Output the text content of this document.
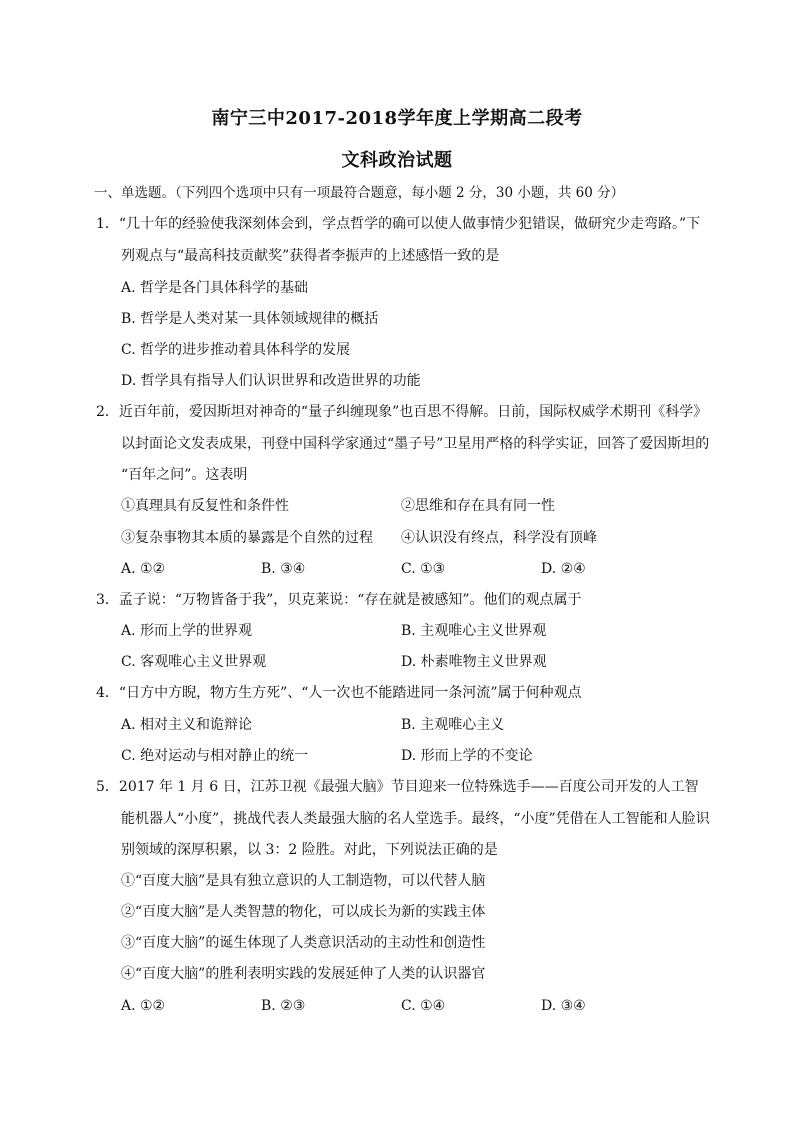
南宁三中2017-2018学年度上学期高二段考
文科政治试题
一、单选题。（下列四个选项中只有一项最符合题意，每小题 2 分，30 小题，共 60 分）
1．“几十年的经验使我深刻体会到，学点哲学的确可以使人做事情少犯错误，做研究少走弯路。”下
列观点与“最高科技贡献奖”获得者李振声的上述感悟一致的是
A. 哲学是各门具体科学的基础
B. 哲学是人类对某一具体领域规律的概括
C. 哲学的进步推动着具体科学的发展
D. 哲学具有指导人们认识世界和改造世界的功能
2．近百年前，爱因斯坦对神奇的“量子纠缠现象”也百思不得解。日前，国际权威学术期刊《科学》
以封面论文发表成果，刊登中国科学家通过“墨子号”卫星用严格的科学实证，回答了爱因斯坦的
“百年之问”。这表明
①真理具有反复性和条件性	②思维和存在具有同一性
③复杂事物其本质的暴露是个自然的过程 ④认识没有终点，科学没有顶峰
A. ①②	B. ③④	C. ①③	D. ②④
3．孟子说：“万物皆备于我”，贝克莱说：“存在就是被感知”。他们的观点属于
A. 形而上学的世界观	B. 主观唯心主义世界观
C. 客观唯心主义世界观	D. 朴素唯物主义世界观
4．“日方中方睨，物方生方死”、“人一次也不能踏进同一条河流”属于何种观点
A. 相对主义和诡辩论	B. 主观唯心主义
C. 绝对运动与相对静止的统一	D. 形而上学的不变论
5．2017 年 1 月 6 日，江苏卫视《最强大脑》节目迎来一位特殊选手——百度公司开发的人工智
能机器人“小度”，挑战代表人类最强大脑的名人堂选手。最终，“小度”凭借在人工智能和人脸识
别领域的深厚积累，以 3：2 险胜。对此，下列说法正确的是
①“百度大脑”是具有独立意识的人工制造物，可以代替人脑
②“百度大脑”是人类智慧的物化，可以成长为新的实践主体
③“百度大脑”的诞生体现了人类意识活动的主动性和创造性
④“百度大脑”的胜利表明实践的发展延伸了人类的认识器官
A. ①②	B. ②③	C. ①④	D. ③④
